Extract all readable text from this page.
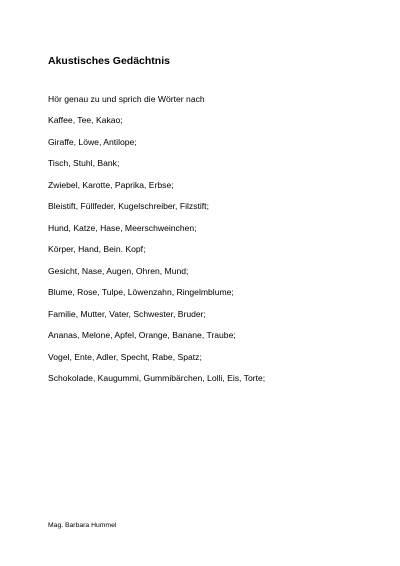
Akustisches Gedächtnis
Hör genau zu und sprich die Wörter nach
Kaffee, Tee, Kakao;
Giraffe, Löwe, Antilope;
Tisch, Stuhl, Bank;
Zwiebel, Karotte, Paprika, Erbse;
Bleistift, Füllfeder, Kugelschreiber, Filzstift;
Hund, Katze, Hase, Meerschweinchen;
Körper, Hand, Bein. Kopf;
Gesicht, Nase, Augen, Ohren, Mund;
Blume, Rose, Tulpe, Löwenzahn, Ringelmblume;
Familie, Mutter, Vater, Schwester, Bruder;
Ananas, Melone, Apfel, Orange, Banane, Traube;
Vogel, Ente, Adler, Specht, Rabe, Spatz;
Schokolade, Kaugummi, Gummibärchen, Lolli, Eis, Torte;
Mag. Barbara Hummel
